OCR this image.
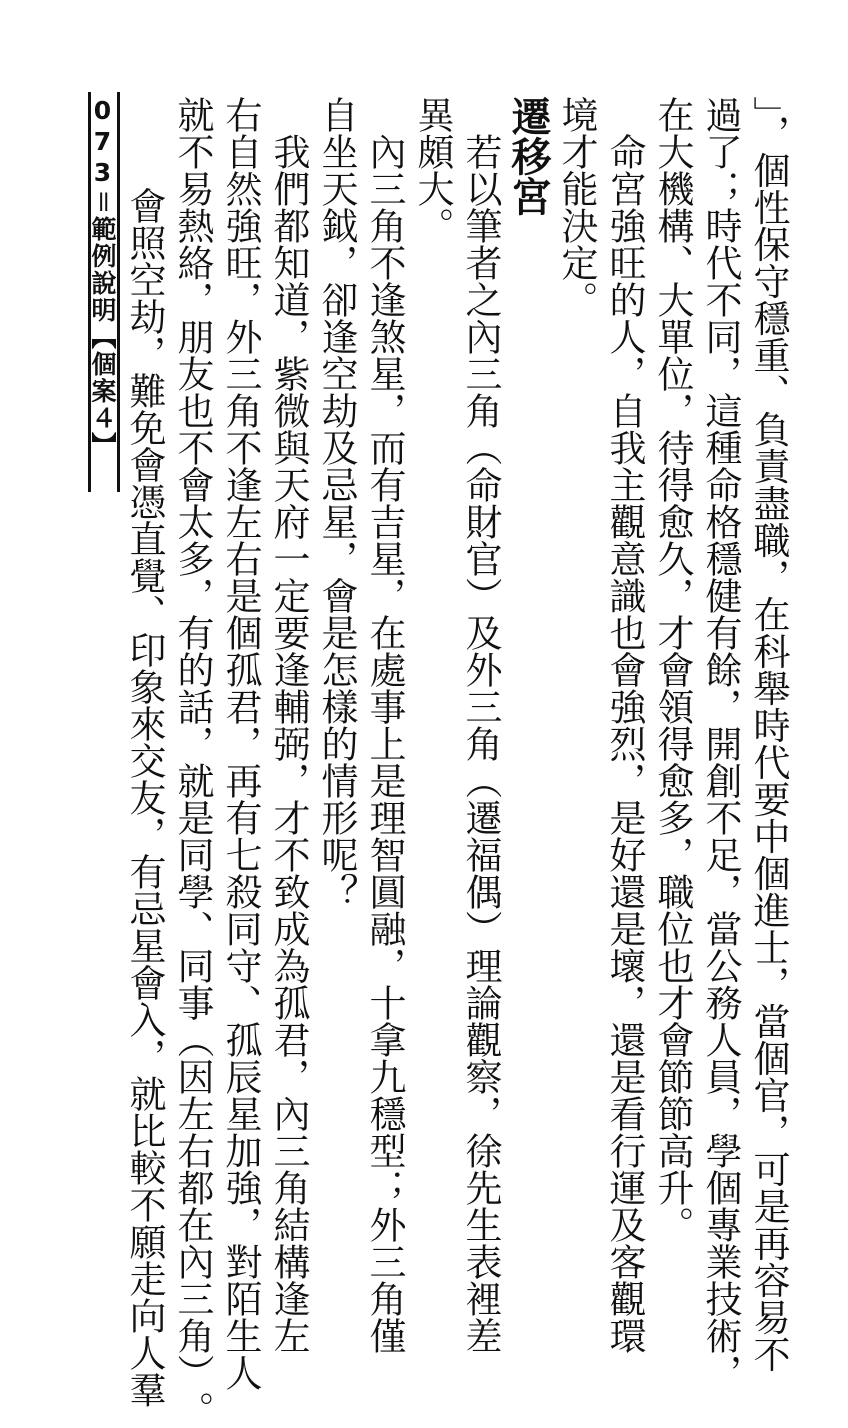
073＝範例說明【個案４】	」，個性保守穩重、負責盡職，在科舉時代要中個進士，當個官，可是再容易不
過了；時代不同，這種命格穩健有餘，開創不足，當公務人員，學個專業技術，
在大機構、大單位，待得愈久，才會領得愈多，職位也才會節節高升。
　命宮強旺的人，自我主觀意識也會強烈，是好還是壞，還是看行運及客觀環
境才能決定。
遷移宮
　若以筆者之內三角︵命財官︶及外三角︵遷福偶︶理論觀察，徐先生表裡差
異頗大。
　內三角不逢煞星，而有吉星，在處事上是理智圓融，十拿九穩型；外三角僅
自坐天鉞，卻逢空劫及忌星，會是怎樣的情形呢？
　我們都知道，紫微與天府一定要逢輔弼，才不致成為孤君，內三角結構逢左
右自然強旺，外三角不逢左右是個孤君，再有七殺同守、孤辰星加強，對陌生人
就不易熱絡，朋友也不會太多，有的話，就是同學、同事︵因左右都在內三角︶。
　會照空劫，難免會憑直覺、印象來交友，有忌星會入，就比較不願走向人羣
